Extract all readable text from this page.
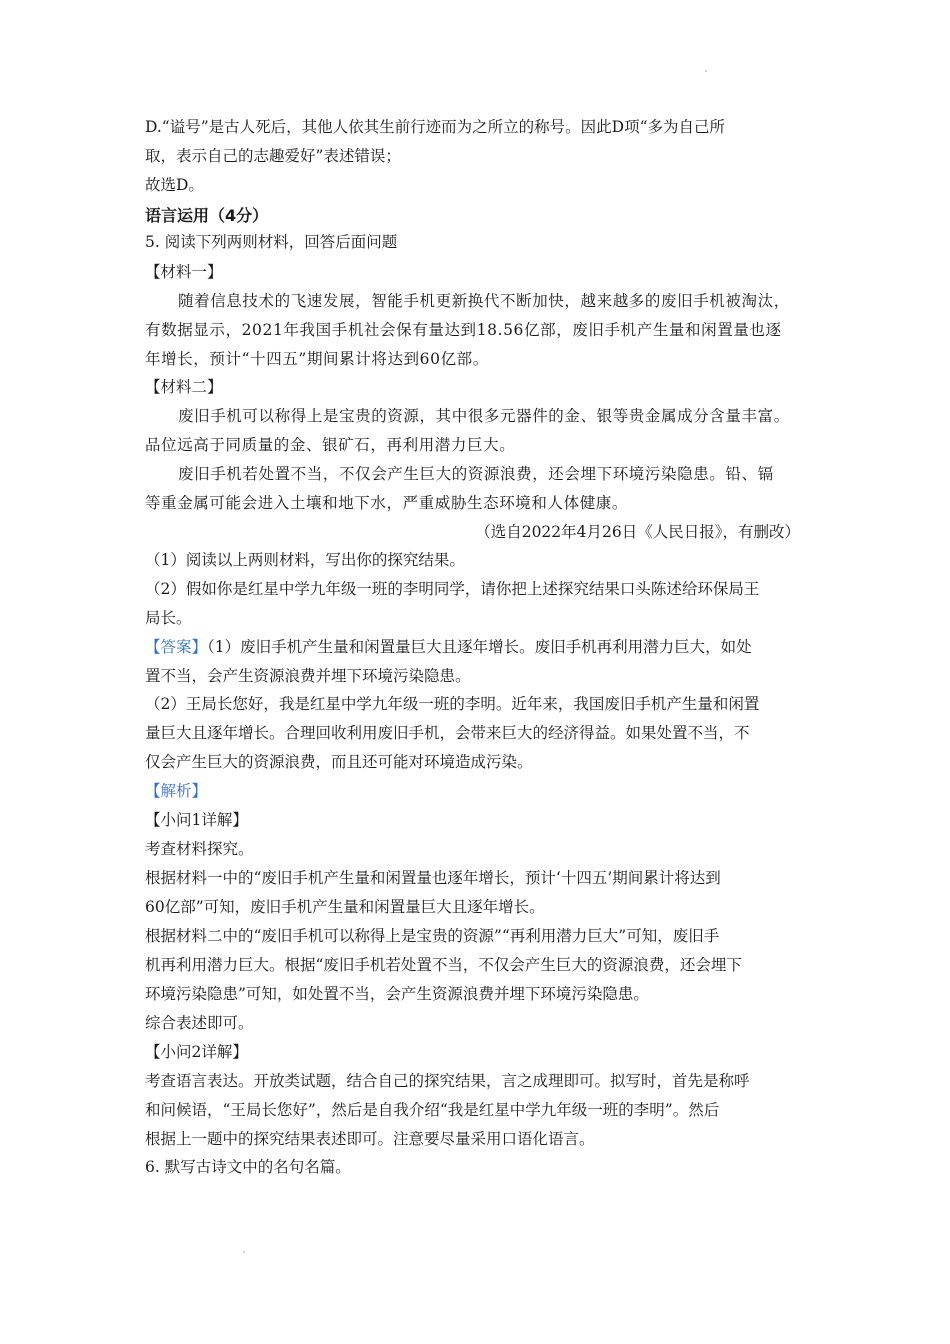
D.“谥号”是古人死后，其他人依其生前行迹而为之所立的称号。因此D项“多为自己所
取，表示自己的志趣爱好”表述错误；
故选D。
语言运用（4分）
5. 阅读下列两则材料，回答后面问题
【材料一】
随着信息技术的飞速发展，智能手机更新换代不断加快，越来越多的废旧手机被淘汰，
有数据显示，2021年我国手机社会保有量达到18.56亿部，废旧手机产生量和闲置量也逐
年增长，预计“十四五”期间累计将达到60亿部。
【材料二】
废旧手机可以称得上是宝贵的资源，其中很多元器件的金、银等贵金属成分含量丰富。
品位远高于同质量的金、银矿石，再利用潜力巨大。
废旧手机若处置不当，不仅会产生巨大的资源浪费，还会埋下环境污染隐患。铅、镉
等重金属可能会进入土壤和地下水，严重威胁生态环境和人体健康。
（选自2022年4月26日《人民日报》，有删改）
（1）阅读以上两则材料，写出你的探究结果。
（2）假如你是红星中学九年级一班的李明同学，请你把上述探究结果口头陈述给环保局王
局长。
【答案】（1）废旧手机产生量和闲置量巨大且逐年增长。废旧手机再利用潜力巨大，如处
置不当，会产生资源浪费并埋下环境污染隐患。
（2）王局长您好，我是红星中学九年级一班的李明。近年来，我国废旧手机产生量和闲置
量巨大且逐年增长。合理回收利用废旧手机，会带来巨大的经济得益。如果处置不当，不
仅会产生巨大的资源浪费，而且还可能对环境造成污染。
【解析】
【小问1详解】
考查材料探究。
根据材料一中的“废旧手机产生量和闲置量也逐年增长，预计‘十四五’期间累计将达到
60亿部”可知，废旧手机产生量和闲置量巨大且逐年增长。
根据材料二中的“废旧手机可以称得上是宝贵的资源”“再利用潜力巨大”可知，废旧手
机再利用潜力巨大。根据“废旧手机若处置不当，不仅会产生巨大的资源浪费，还会埋下
环境污染隐患”可知，如处置不当，会产生资源浪费并埋下环境污染隐患。
综合表述即可。
【小问2详解】
考查语言表达。开放类试题，结合自己的探究结果，言之成理即可。拟写时，首先是称呼
和问候语，“王局长您好”，然后是自我介绍“我是红星中学九年级一班的李明”。然后
根据上一题中的探究结果表述即可。注意要尽量采用口语化语言。
6. 默写古诗文中的名句名篇。
